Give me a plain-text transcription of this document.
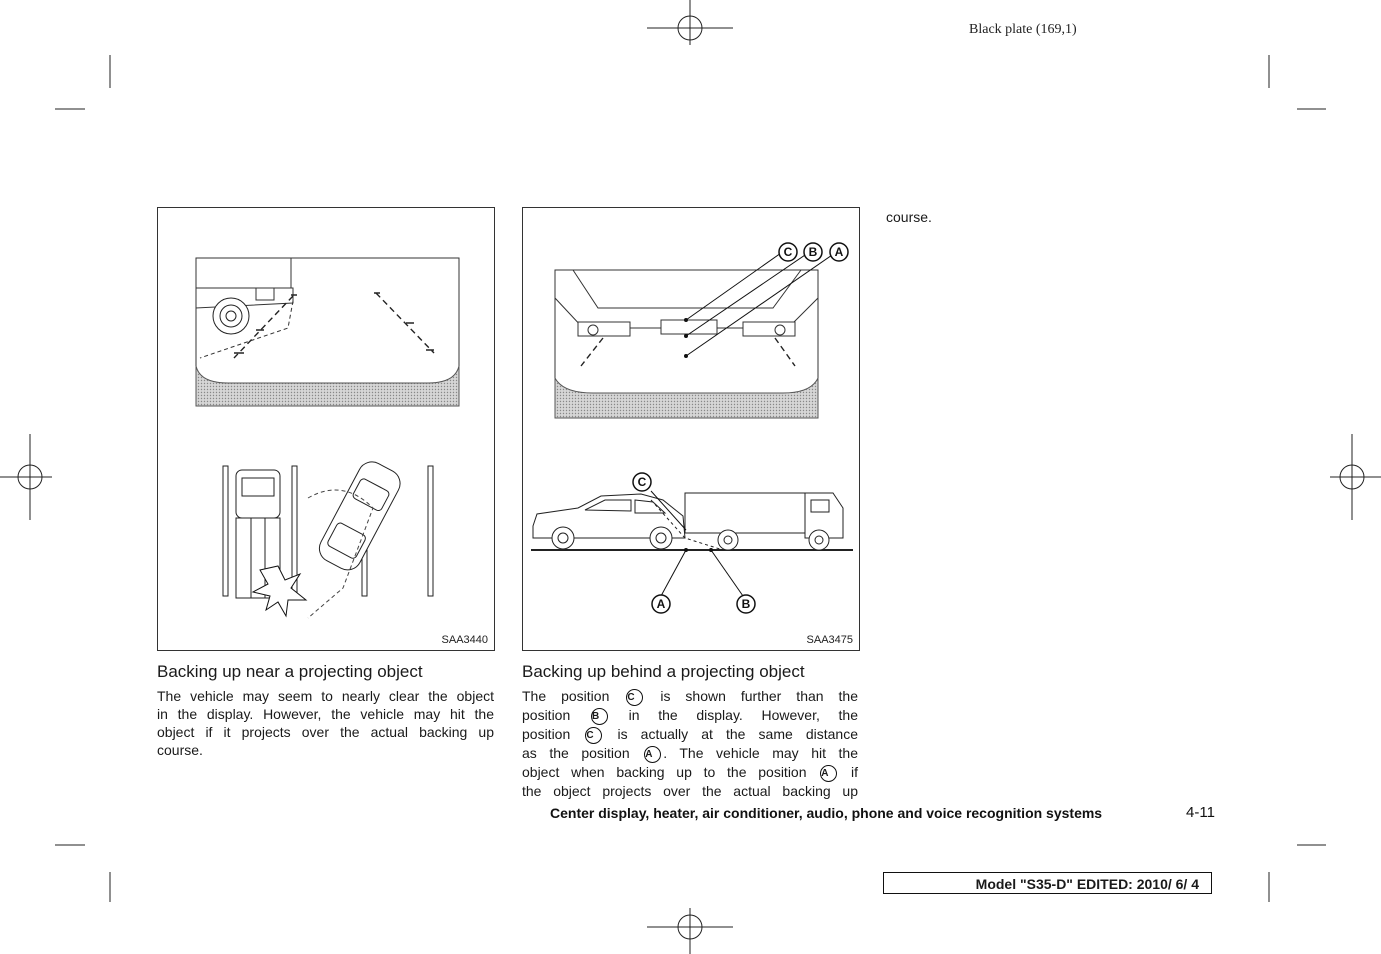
Black plate (169,1)
SAA3440
C B A
C
A	B
SAA3475
Backing up near a projecting object
The vehicle may seem to nearly clear the object
in the display. However, the vehicle may hit the
object if it projects over the actual backing up
course.
Backing up behind a projecting object
The position C is shown further than the
position B in the display. However, the
position C is actually at the same distance
as the position A . The vehicle may hit the
object when backing up to the position A if
the object projects over the actual backing up
course.
Center display, heater, air conditioner, audio, phone and voice recognition systems	4-11
Model "S35-D" EDITED: 2010/ 6/ 4
